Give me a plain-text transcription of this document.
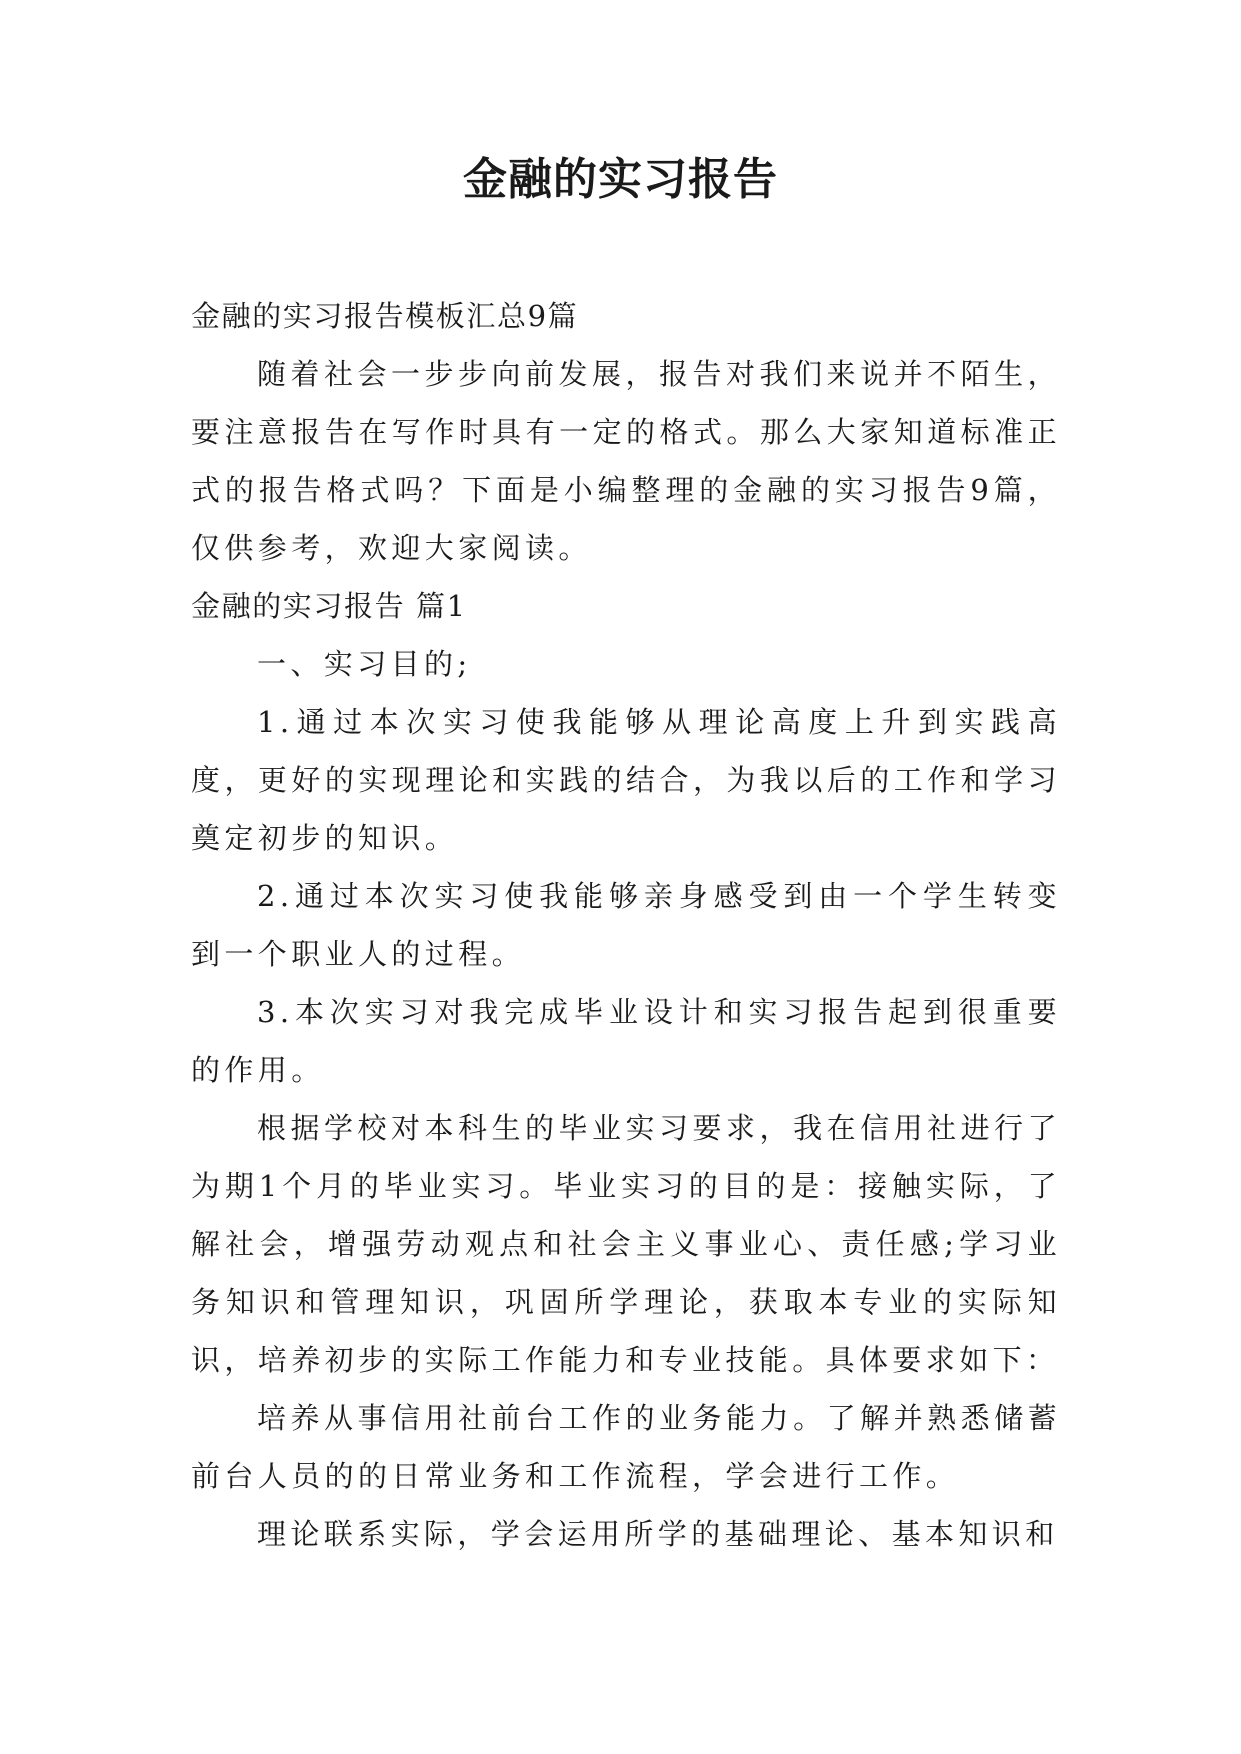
金融的实习报告

金融的实习报告模板汇总9篇

随着社会一步步向前发展，报告对我们来说并不陌生，要注意报告在写作时具有一定的格式。那么大家知道标准正式的报告格式吗？下面是小编整理的金融的实习报告9篇，仅供参考，欢迎大家阅读。

金融的实习报告 篇1

一、实习目的;

1.通过本次实习使我能够从理论高度上升到实践高度，更好的实现理论和实践的结合，为我以后的工作和学习奠定初步的知识。

2.通过本次实习使我能够亲身感受到由一个学生转变到一个职业人的过程。

3.本次实习对我完成毕业设计和实习报告起到很重要的作用。

根据学校对本科生的毕业实习要求，我在信用社进行了为期1个月的毕业实习。毕业实习的目的是：接触实际，了解社会，增强劳动观点和社会主义事业心、责任感;学习业务知识和管理知识，巩固所学理论，获取本专业的实际知识，培养初步的实际工作能力和专业技能。具体要求如下：

培养从事信用社前台工作的业务能力。了解并熟悉储蓄前台人员的的日常业务和工作流程，学会进行工作。

理论联系实际，学会运用所学的基础理论、基本知识和
